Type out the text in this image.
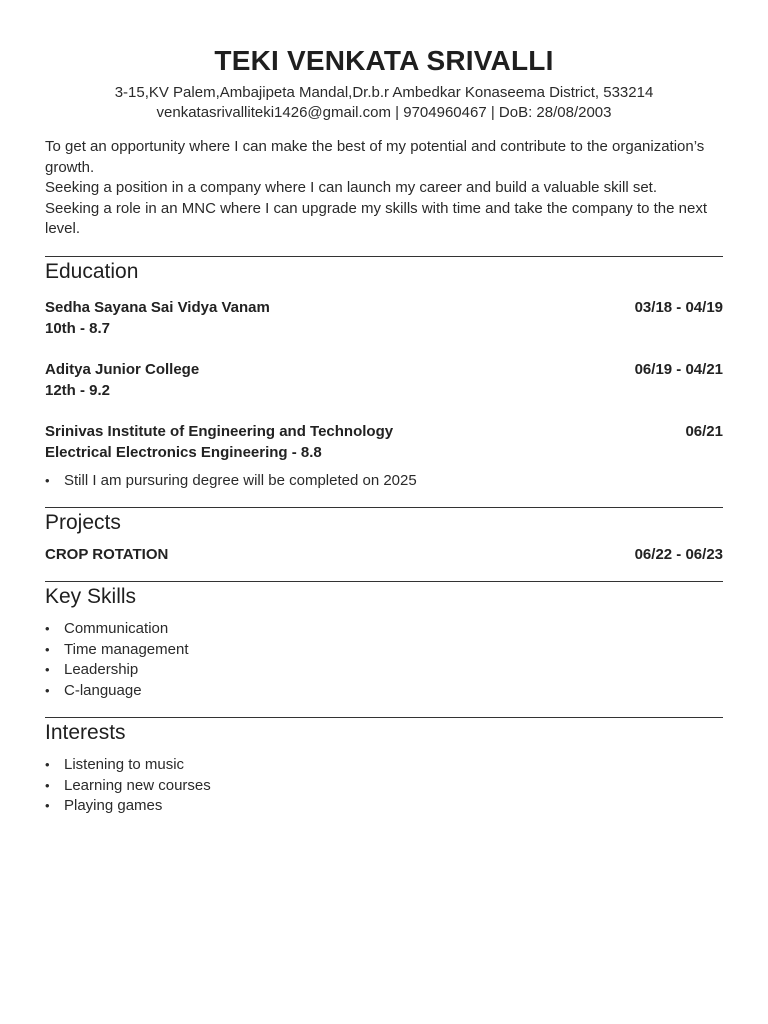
TEKI VENKATA SRIVALLI
3-15,KV Palem,Ambajipeta Mandal,Dr.b.r Ambedkar Konaseema District, 533214
venkatasrivalliteki1426@gmail.com | 9704960467 | DoB: 28/08/2003

To get an opportunity where I can make the best of my potential and contribute to the organization’s growth.

Seeking a position in a company where I can launch my career and build a valuable skill set.

Seeking a role in an MNC where I can upgrade my skills with time and take the company to the next level.

Education
Sedha Sayana Sai Vidya Vanam	03/18 - 04/19
10th - 8.7
Aditya Junior College	06/19 - 04/21
12th - 9.2
Srinivas Institute of Engineering and Technology	06/21
Electrical Electronics Engineering - 8.8
• Still I am pursuring degree will be completed on 2025
Projects
CROP ROTATION	06/22 - 06/23
Key Skills
• Communication
• Time management
• Leadership
• C-language
Interests
• Listening to music
• Learning new courses
• Playing games
